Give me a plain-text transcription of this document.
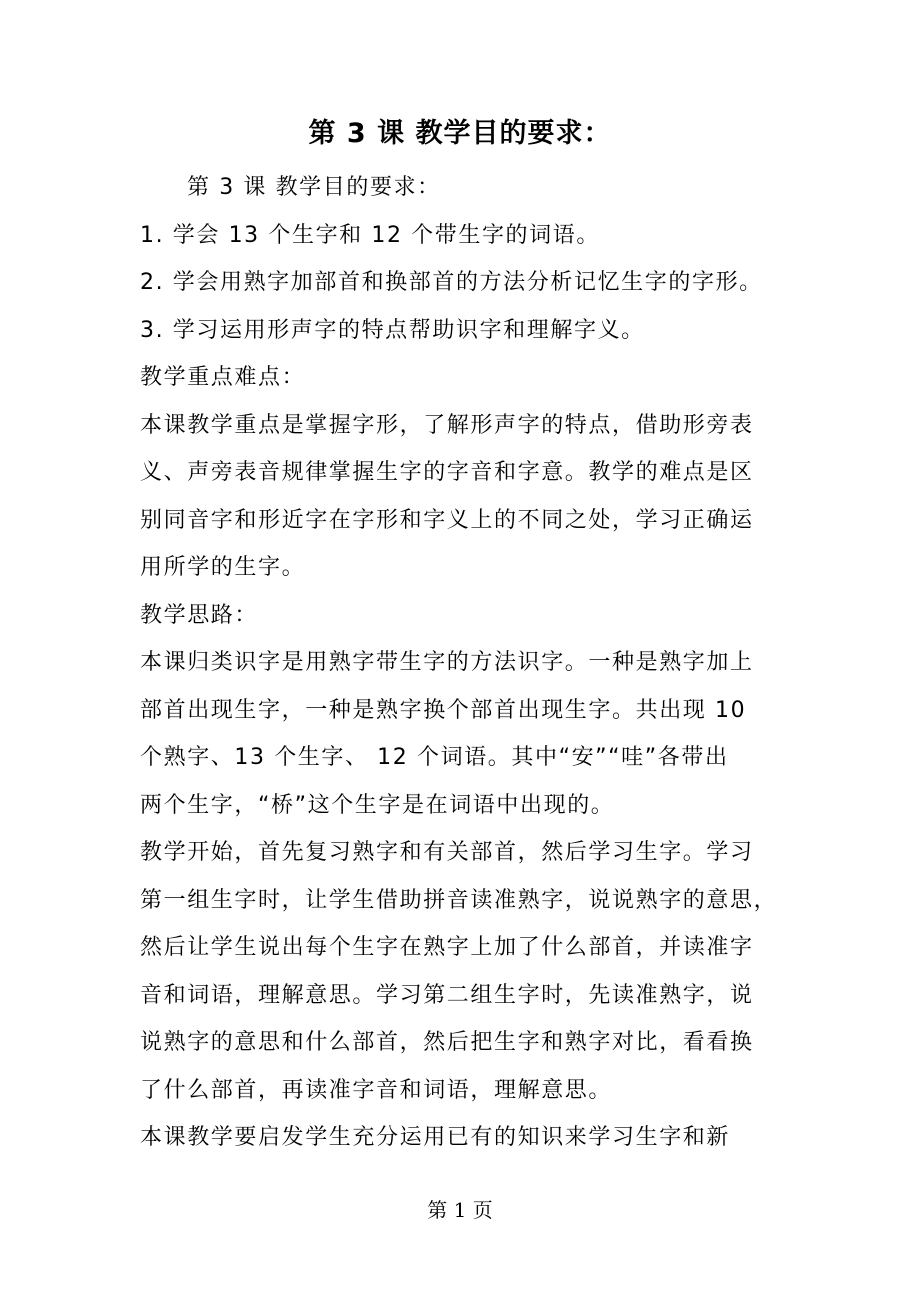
第 3 课 教学目的要求：

第 3 课 教学目的要求：

1. 学会 13 个生字和 12 个带生字的词语。

2. 学会用熟字加部首和换部首的方法分析记忆生字的字形。

3. 学习运用形声字的特点帮助识字和理解字义。

教学重点难点：

本课教学重点是掌握字形，了解形声字的特点，借助形旁表

义、声旁表音规律掌握生字的字音和字意。教学的难点是区

别同音字和形近字在字形和字义上的不同之处，学习正确运

用所学的生字。

教学思路：

本课归类识字是用熟字带生字的方法识字。一种是熟字加上

部首出现生字，一种是熟字换个部首出现生字。共出现 10

个熟字、13 个生字、 12 个词语。其中“安”“哇”各带出

两个生字，“桥”这个生字是在词语中出现的。

教学开始，首先复习熟字和有关部首，然后学习生字。学习

第一组生字时，让学生借助拼音读准熟字，说说熟字的意思，

然后让学生说出每个生字在熟字上加了什么部首，并读准字

音和词语，理解意思。学习第二组生字时，先读准熟字，说

说熟字的意思和什么部首，然后把生字和熟字对比，看看换

了什么部首，再读准字音和词语，理解意思。

本课教学要启发学生充分运用已有的知识来学习生字和新

第 1 页
